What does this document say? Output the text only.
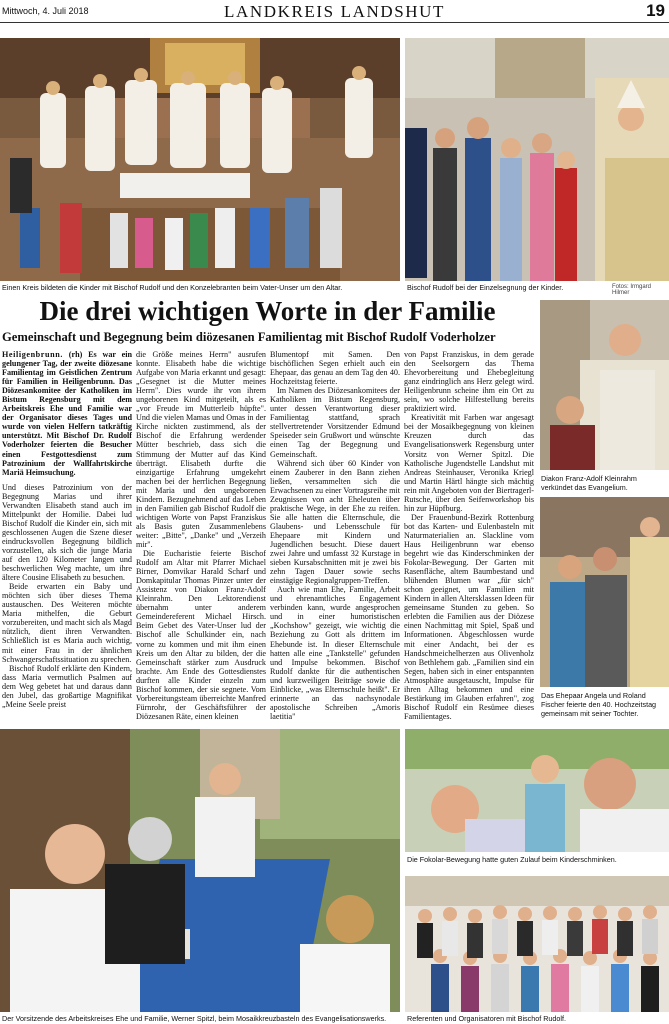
LANDKREIS LANDSHUT
Mittwoch, 4. Juli 2018	19
Einen Kreis bildeten die Kinder mit Bischof Rudolf und den Konzelebranten beim Vater-Unser um den Altar.	Bischof Rudolf bei der Einzelsegnung der Kinder.	Fotos: Irmgard Hilmer
Die drei wichtigen Worte in der Familie
Gemeinschaft und Begegnung beim diözesanen Familientag mit Bischof Rudolf Voderholzer

Heiligenbrunn. (rh) Es war ein gelungener Tag, der zweite diözesane Familientag im Geistlichen Zentrum für Familien in Heiligenbrunn. Das Diözesankomitee der Katholiken im Bistum Regensburg mit dem Arbeitskreis Ehe und Familie war der Organisator dieses Tages und wurde von vielen Helfern tatkräftig unterstützt. Mit Bischof Dr. Rudolf Voderholzer feierten die Besucher einen Festgottesdienst zum Patrozinium der Wallfahrtskirche Mariä Heimsuchung.

Und dieses Patrozinium von der Begegnung Marias und ihrer Verwandten Elisabeth stand auch im Mittelpunkt der Homilie. Dabei lud Bischof Rudolf die Kinder ein, sich mit geschlossenen Augen die Szene dieser eindrucksvollen Begegnung bildlich vorzustellen, als sich die junge Maria auf den 120 Kilometer langen und beschwerlichen Weg machte, um ihre ältere Cousine Elisabeth zu besuchen.

Beide erwarten ein Baby und möchten sich über dieses Thema austauschen. Des Weiteren möchte Maria mithelfen, die Geburt vorzubereiten, und macht sich als Magd nützlich, dient ihren Verwandten. Schließlich ist es Maria auch wichtig, mit einer Frau in der ähnlichen Schwangerschaftssituation zu sprechen.

Bischof Rudolf erklärte den Kindern, dass Maria vermutlich Psalmen auf dem Weg gebetet hat und daraus dann den Jubel, das großartige Magnifikat „Meine Seele preist

die Größe meines Herrn" ausrufen konnte. Elisabeth habe die wichtige Aufgabe von Maria erkannt und gesagt: „Gesegnet ist die Mutter meines Herrn". Dies wurde ihr von ihrem ungeborenen Kind mitgeteilt, als es „vor Freude im Mutterleib hüpfte". Und die vielen Mamas und Omas in der Kirche nickten zustimmend, als der Bischof die Erfahrung werdender Mütter beschrieb, dass sich die Stimmung der Mutter auf das Kind überträgt. Elisabeth durfte die einzigartige Erfahrung umgekehrt machen bei der herrlichen Begegnung mit Maria und den ungeborenen Kindern. Bezugnehmend auf das Leben in den Familien gab Bischof Rudolf die wichtigen Worte von Papst Franziskus als Basis guten Zusammenlebens weiter: „Bitte", „Danke" und „Verzeih mir".

Die Eucharistie feierte Bischof Rudolf am Altar mit Pfarrer Michael Birner, Domvikar Harald Scharf und Domkapitular Thomas Pinzer unter der Assistenz von Diakon Franz-Adolf Kleinrahm. Den Lektorendienst übernahm unter anderem Gemeindereferent Michael Hirsch. Beim Gebet des Vater-Unser lud der Bischof alle Schulkinder ein, nach vorne zu kommen und mit ihm einen Kreis um den Altar zu bilden, der die Gemeinschaft stärker zum Ausdruck brachte. Am Ende des Gottesdienstes durften alle Kinder einzeln zum Bischof kommen, der sie segnete. Vom Vorbereitungsteam überreichte Manfred Fürnrohr, der Geschäftsführer der Diözesanen Räte, einen kleinen

Blumentopf mit Samen. Den bischöflichen Segen erhielt auch ein Ehepaar, das genau an dem Tag den 40. Hochzeitstag feierte.

Im Namen des Diözesankomitees der Katholiken im Bistum Regensburg, unter dessen Verantwortung dieser Familientag stattfand, sprach stellvertretender Vorsitzender Edmund Speiseder sein Grußwort und wünschte einen Tag der Begegnung und Gemeinschaft.

Während sich über 60 Kinder von einem Zauberer in den Bann ziehen ließen, versammelten sich die Erwachsenen zu einer Vortragsreihe mit Zeugnissen von acht Eheleuten über praktische Wege, in der Ehe zu reifen. Sie alle hatten die Elternschule, die Glaubens- und Lebensschule für Ehepaare mit Kindern und Jugendlichen besucht. Diese dauert zwei Jahre und umfasst 32 Kurstage in sieben Kursabschnitten mit je zwei bis zehn Tagen Dauer sowie sechs einstägige Regionalgruppen-Treffen.

Auch wie man Ehe, Familie, Arbeit und ehrenamtliches Engagement verbinden kann, wurde angesprochen und in einer humoristischen „Kochshow" gezeigt, wie wichtig die Beziehung zu Gott als drittem im Ehebunde ist. In dieser Elternschule hatten alle eine „Tankstelle" gefunden und Impulse bekommen. Bischof Rudolf dankte für die authentischen und kurzweiligen Beiträge sowie die Einblicke, „was Elternschule heißt". Er erinnerte an das nachsynodale apostolische Schreiben „Amoris laetitia"

von Papst Franziskus, in dem gerade den Seelsorgern das Thema Ehevorbereitung und Ehebegleitung ganz eindringlich ans Herz gelegt wird. Heiligenbrunn scheine ihm ein Ort zu sein, wo solche Hilfestellung bereits praktiziert wird.

Kreativität mit Farben war angesagt bei der Mosaikbegegnung von kleinen Kreuzen durch das Evangelisationswerk Regensburg unter Vorsitz von Werner Spitzl. Die Katholische Jugendstelle Landshut mit Andreas Steinhauser, Veronika Kriegl und Martin Härtl hängte sich mächtig rein mit Angeboten von der Biertragerl-Rutsche, über den Seifenworkshop bis hin zur Hüpfburg.

Der Frauenbund-Bezirk Rottenburg bot das Karten- und Eulenbasteln mit Naturmaterialien an. Slackline vom Haus Heiligenbrunn war ebenso begehrt wie das Kinderschminken der Fokolar-Bewegung. Der Garten mit Rasenfläche, altem Baumbestand und blühenden Blumen war „für sich" schon geeignet, um Familien mit Kindern in allen Altersklassen Ideen für gemeinsame Stunden zu geben. So erlebten die Familien aus der Diözese einen Nachmittag mit Spiel, Spaß und Informationen. Abgeschlossen wurde mit einer Andacht, bei der es Handschmeichelherzen aus Olivenholz von Bethlehem gab. „Familien sind ein Segen, haben sich in einer entspannten Atmosphäre ausgetauscht, Impulse für ihren Alltag bekommen und eine Bestärkung im Glauben erfahren", zog Bischof Rudolf ein Resümee dieses Familientages.

Diakon Franz-Adolf Kleinrahm verkündet das Evangelium.
Das Ehepaar Angela und Roland Fischer feierte den 40. Hochzeitstag gemeinsam mit seiner Tochter.
Der Vorsitzende des Arbeitskreises Ehe und Familie, Werner Spitzl, beim Mosaikkreuzbasteln des Evangelisationswerks.
Die Fokolar-Bewegung hatte guten Zulauf beim Kinderschminken.
Referenten und Organisatoren mit Bischof Rudolf.
